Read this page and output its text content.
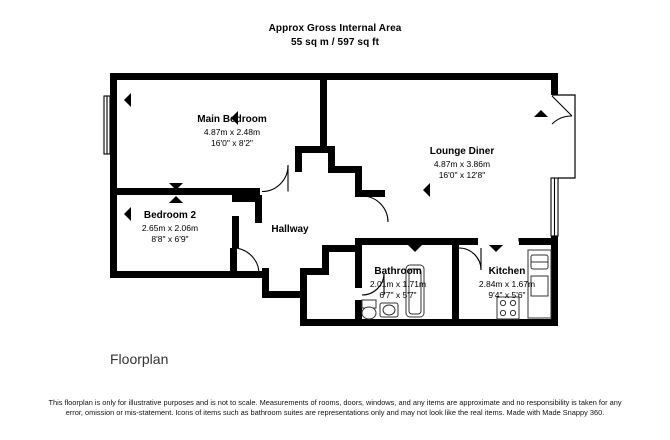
Approx Gross Internal Area
55 sq m / 597 sq ft
Main Bedroom
4.87m x 2.48m
16'0" x 8'2"
Lounge Diner
4.87m x 3.86m
16'0" x 12'8"
Bedroom 2
2.65m x 2.06m
8'8" x 6'9"
Hallway
Bathroom
2.01m x 1.71m
6'7" x 5'7"
Kitchen
2.84m x 1.67m
9'4" x 5'6"
Floorplan
This floorplan is only for illustrative purposes and is not to scale. Measurements of rooms, doors, windows, and any items are approximate and no responsibility is taken for any error, omission or mis-statement. Icons of items such as bathroom suites are representations only and may not look like the real items. Made with Made Snappy 360.
